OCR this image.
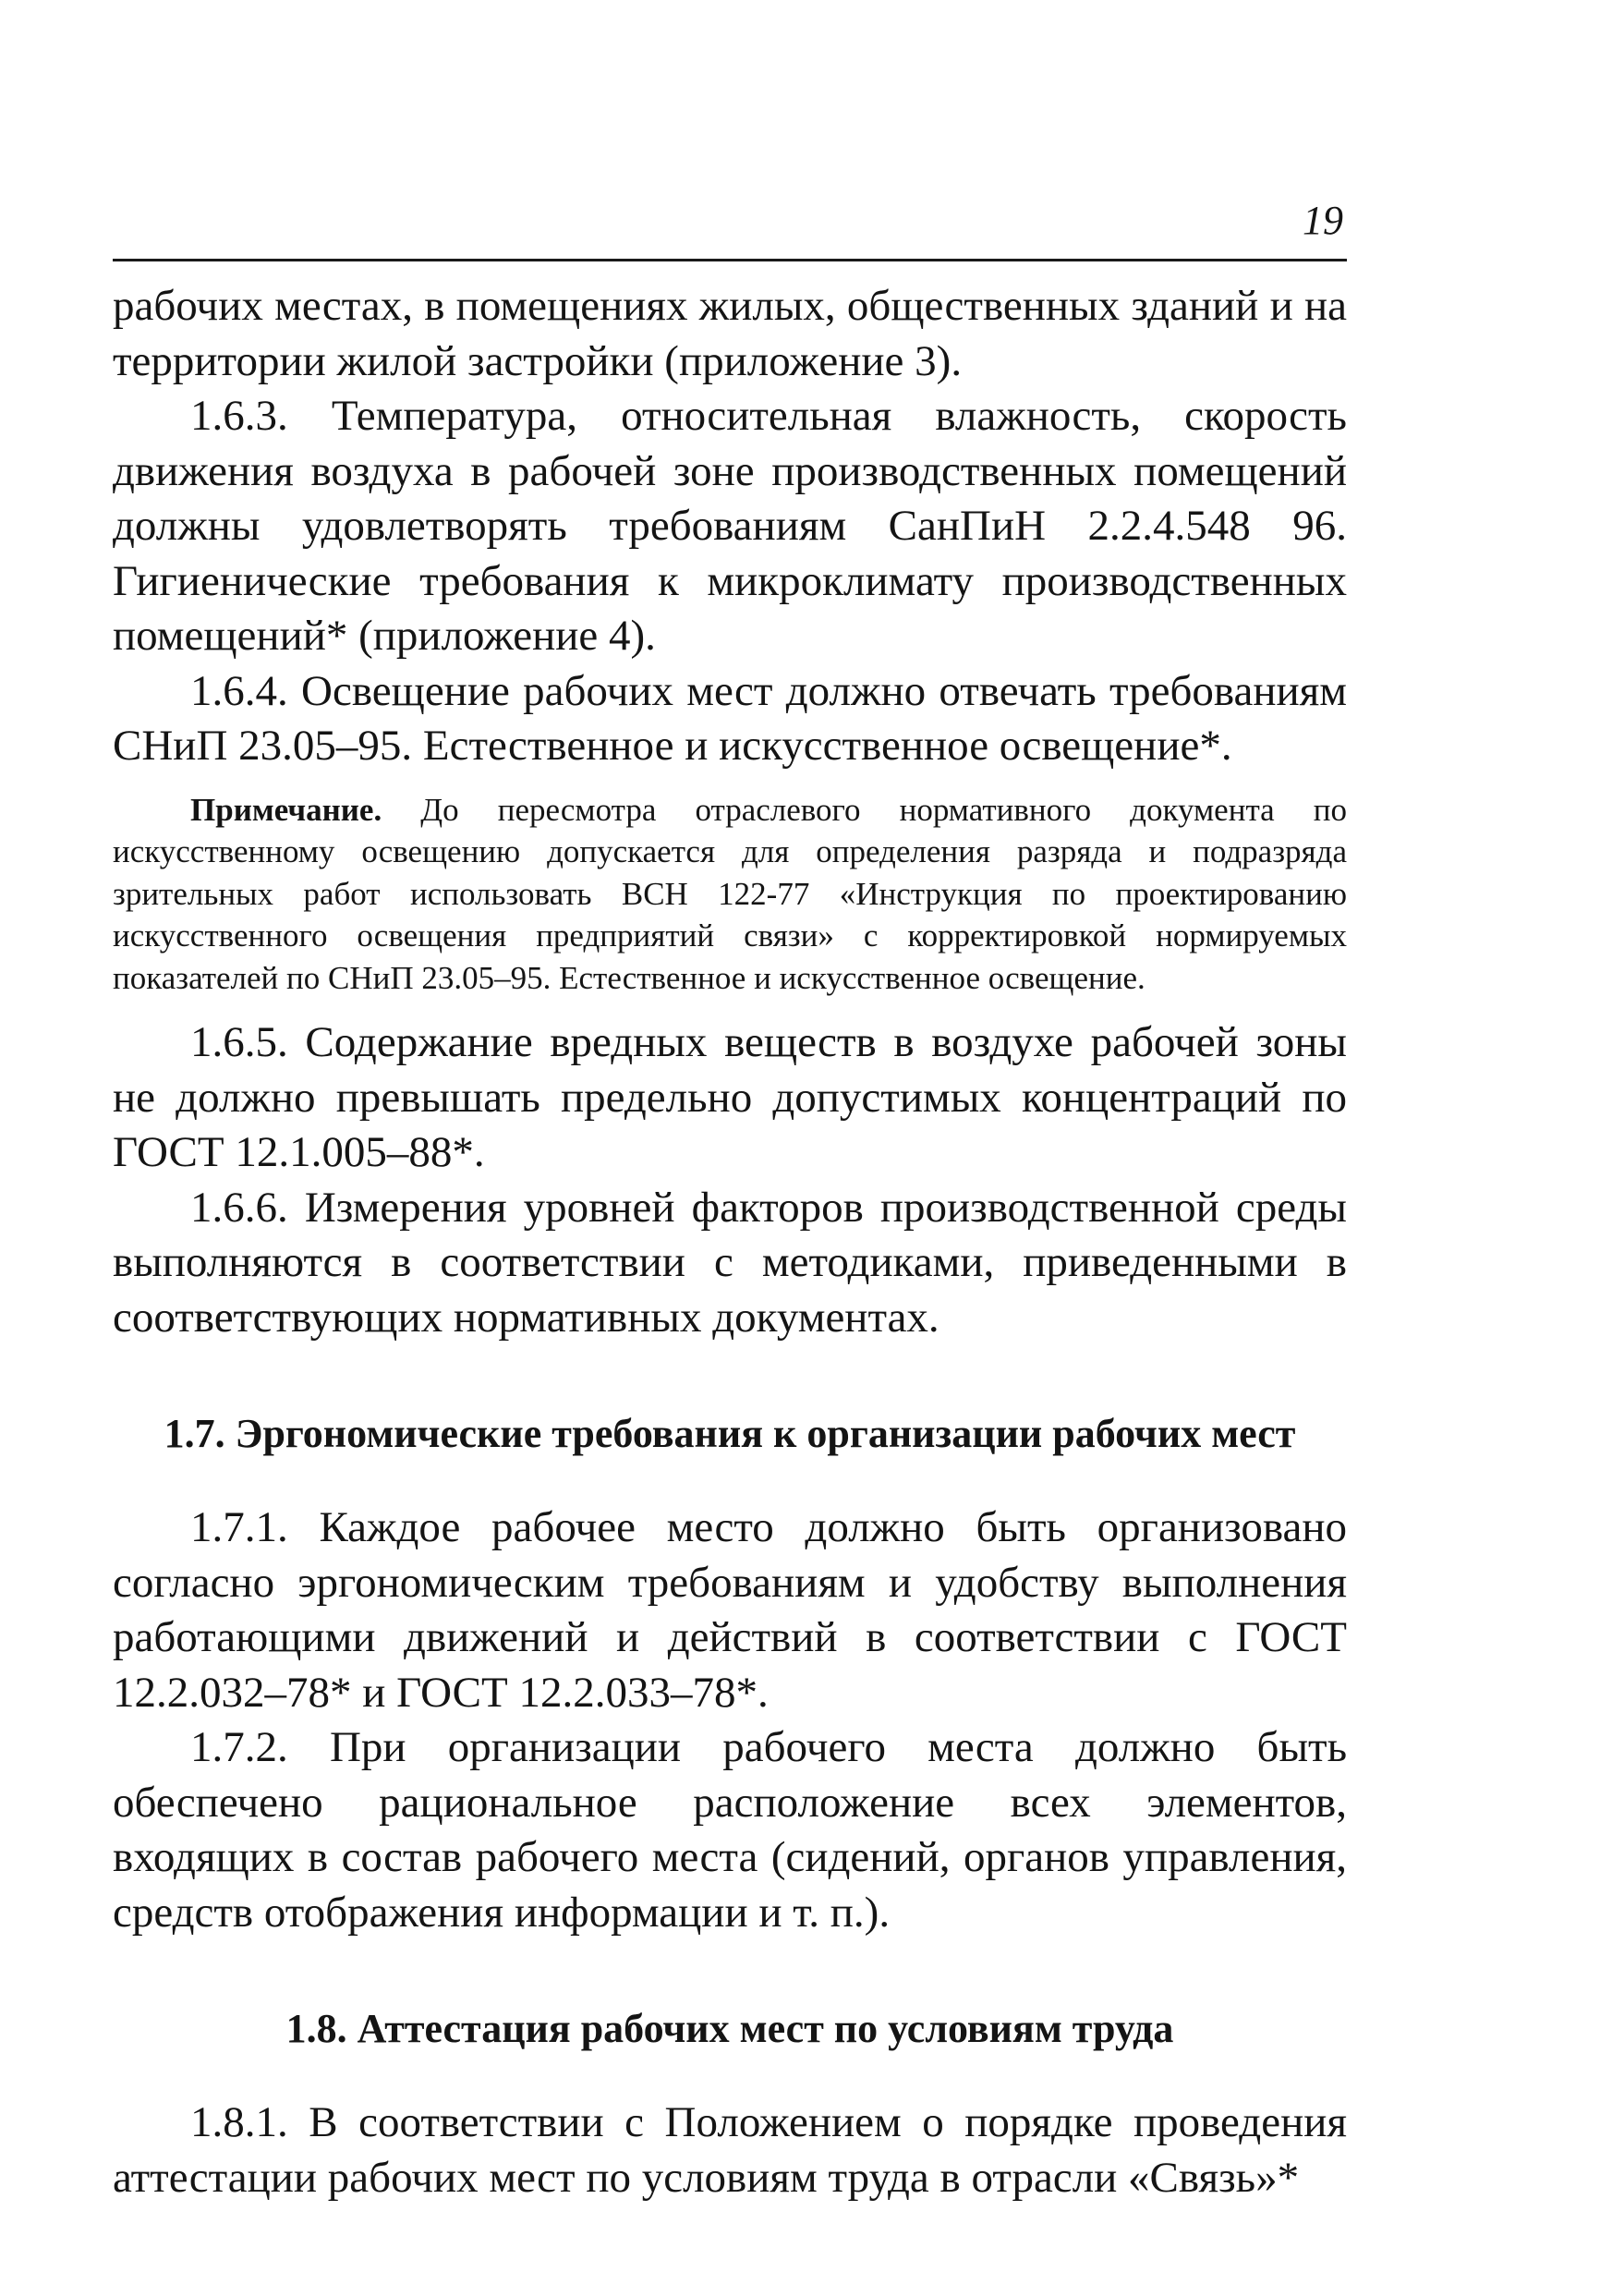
19

рабочих местах, в помещениях жилых, общественных зданий и на территории жилой застройки (приложение 3).

1.6.3. Температура, относительная влажность, скорость движения воздуха в рабочей зоне производственных помещений должны удовлетворять требованиям СанПиН 2.2.4.548 96. Гигиенические требования к микроклимату производственных помещений* (приложение 4).

1.6.4. Освещение рабочих мест должно отвечать требованиям СНиП 23.05–95. Естественное и искусственное освещение*.

Примечание. До пересмотра отраслевого нормативного документа по искусственному освещению допускается для определения разряда и подразряда зрительных работ использовать ВСН 122-77 «Инструкция по проектированию искусственного освещения предприятий связи» с корректировкой нормируемых показателей по СНиП 23.05–95. Естественное и искусственное освещение.

1.6.5. Содержание вредных веществ в воздухе рабочей зоны не должно превышать предельно допустимых концентраций по ГОСТ 12.1.005–88*.

1.6.6. Измерения уровней факторов производственной среды выполняются в соответствии с методиками, приведенными в соответствующих нормативных документах.

1.7. Эргономические требования к организации рабочих мест

1.7.1. Каждое рабочее место должно быть организовано согласно эргономическим требованиям и удобству выполнения работающими движений и действий в соответствии с ГОСТ 12.2.032–78* и ГОСТ 12.2.033–78*.

1.7.2. При организации рабочего места должно быть обеспечено рациональное расположение всех элементов, входящих в состав рабочего места (сидений, органов управления, средств отображения информации и т. п.).

1.8. Аттестация рабочих мест по условиям труда

1.8.1. В соответствии с Положением о порядке проведения аттестации рабочих мест по условиям труда в отрасли «Связь»*
